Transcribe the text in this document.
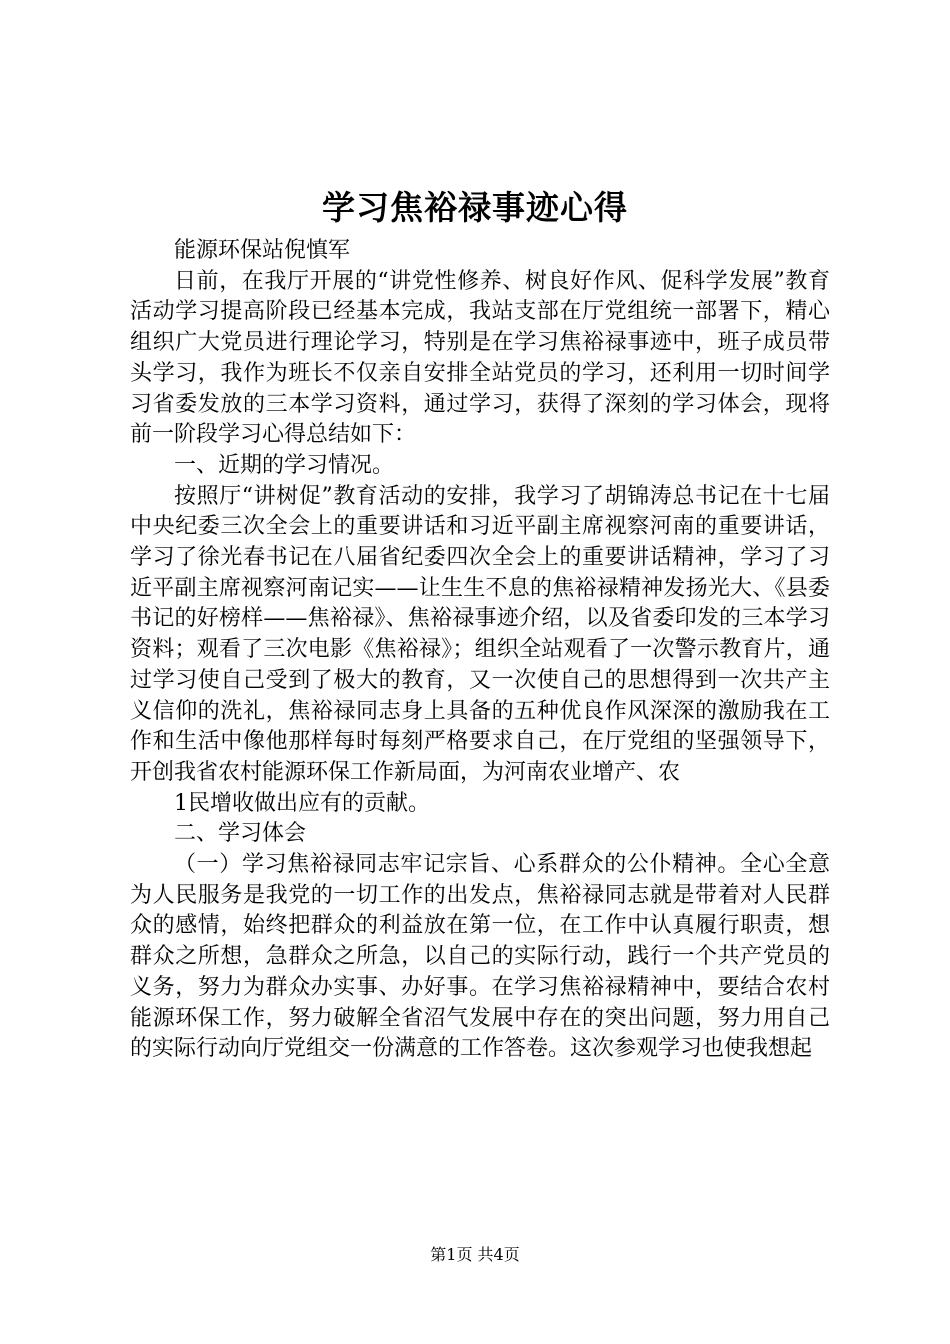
学习焦裕禄事迹心得

能源环保站倪慎军

日前，在我厅开展的“讲党性修养、树良好作风、促科学发展”教育活动学习提高阶段已经基本完成，我站支部在厅党组统一部署下，精心组织广大党员进行理论学习，特别是在学习焦裕禄事迹中，班子成员带头学习，我作为班长不仅亲自安排全站党员的学习，还利用一切时间学习省委发放的三本学习资料，通过学习，获得了深刻的学习体会，现将前一阶段学习心得总结如下：

一、近期的学习情况。

按照厅“讲树促”教育活动的安排，我学习了胡锦涛总书记在十七届中央纪委三次全会上的重要讲话和习近平副主席视察河南的重要讲话，学习了徐光春书记在八届省纪委四次全会上的重要讲话精神，学习了习近平副主席视察河南记实——让生生不息的焦裕禄精神发扬光大、《县委书记的好榜样——焦裕禄》、焦裕禄事迹介绍，以及省委印发的三本学习资料；观看了三次电影《焦裕禄》；组织全站观看了一次警示教育片，通过学习使自己受到了极大的教育，又一次使自己的思想得到一次共产主义信仰的洗礼，焦裕禄同志身上具备的五种优良作风深深的激励我在工作和生活中像他那样每时每刻严格要求自己，在厅党组的坚强领导下，开创我省农村能源环保工作新局面，为河南农业增产、农

1民增收做出应有的贡献。

二、学习体会

（一）学习焦裕禄同志牢记宗旨、心系群众的公仆精神。全心全意为人民服务是我党的一切工作的出发点，焦裕禄同志就是带着对人民群众的感情，始终把群众的利益放在第一位，在工作中认真履行职责，想群众之所想，急群众之所急，以自己的实际行动，践行一个共产党员的义务，努力为群众办实事、办好事。在学习焦裕禄精神中，要结合农村能源环保工作，努力破解全省沼气发展中存在的突出问题，努力用自己的实际行动向厅党组交一份满意的工作答卷。这次参观学习也使我想起

第1页 共4页
